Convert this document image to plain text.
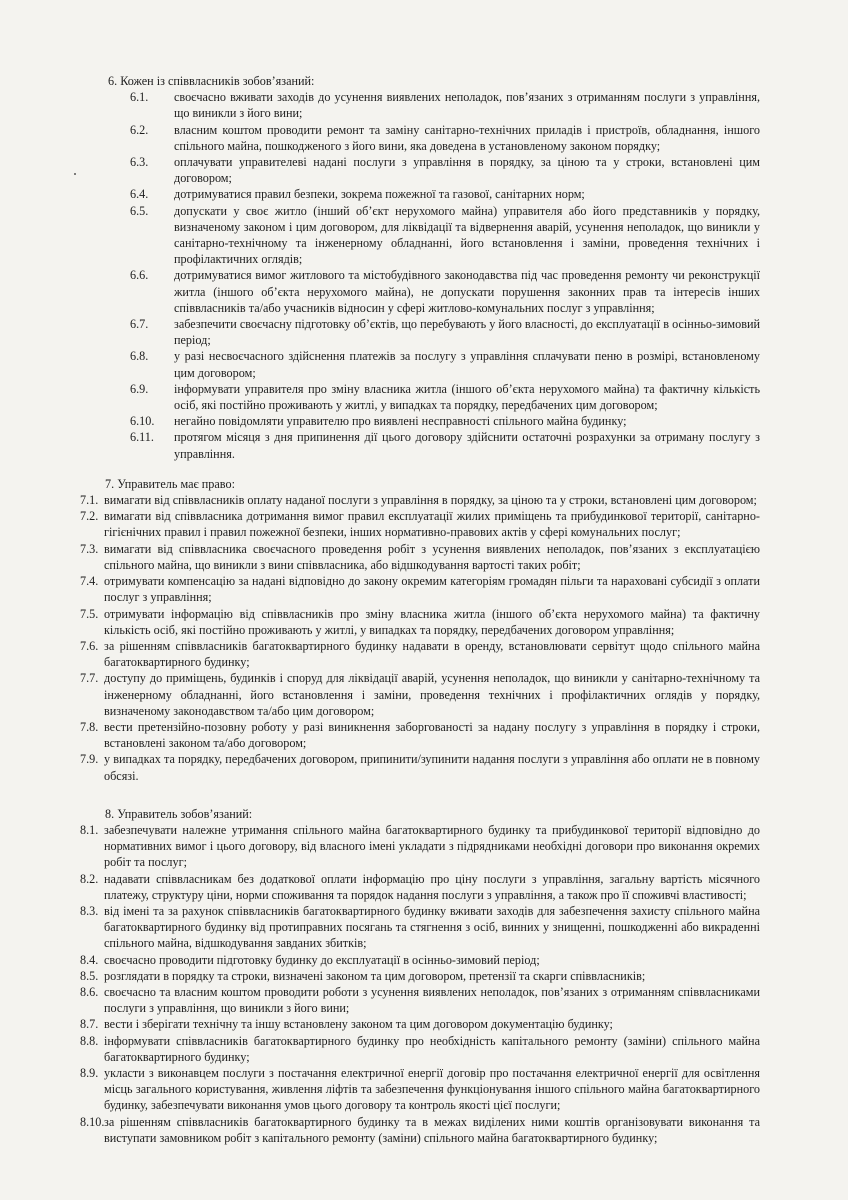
6. Кожен із співвласників зобов’язаний:

6.1.	своєчасно вживати заходів до усунення виявлених неполадок, пов’язаних з отриманням послуги з управління, що виникли з його вини;
6.2.	власним коштом проводити ремонт та заміну санітарно-технічних приладів і пристроїв, обладнання, іншого спільного майна, пошкодженого з його вини, яка доведена в установленому законом порядку;
6.3.	оплачувати управителеві надані послуги з управління в порядку, за ціною та у строки, встановлені цим договором;
6.4.	дотримуватися правил безпеки, зокрема пожежної та газової, санітарних норм;
6.5.	допускати у своє житло (інший об’єкт нерухомого майна) управителя або його представників у порядку, визначеному законом і цим договором, для ліквідації та відвернення аварій, усунення неполадок, що виникли у санітарно-технічному та інженерному обладнанні, його встановлення і заміни, проведення технічних і профілактичних оглядів;
6.6.	дотримуватися вимог житлового та містобудівного законодавства під час проведення ремонту чи реконструкції житла (іншого об’єкта нерухомого майна), не допускати порушення законних прав та інтересів інших співвласників та/або учасників відносин у сфері житлово-комунальних послуг з управління;
6.7.	забезпечити своєчасну підготовку об’єктів, що перебувають у його власності, до експлуатації в осінньо-зимовий період;
6.8.	у разі несвоєчасного здійснення платежів за послугу з управління сплачувати пеню в розмірі, встановленому цим договором;
6.9.	інформувати управителя про зміну власника житла (іншого об’єкта нерухомого майна) та фактичну кількість осіб, які постійно проживають у житлі, у випадках та порядку, передбачених цим договором;
6.10.	негайно повідомляти управителю про виявлені несправності спільного майна будинку;
6.11.	протягом місяця з дня припинення дії цього договору здійснити остаточні розрахунки за отриману послугу з управління.

7. Управитель має право:

7.1. вимагати від співвласників оплату наданої послуги з управління в порядку, за ціною та у строки, встановлені цим договором;
7.2. вимагати від співвласника дотримання вимог правил експлуатації жилих приміщень та прибудинкової території, санітарно-гігієнічних правил і правил пожежної безпеки, інших нормативно-правових актів у сфері комунальних послуг;
7.3. вимагати від співвласника своєчасного проведення робіт з усунення виявлених неполадок, пов’язаних з експлуатацією спільного майна, що виникли з вини співвласника, або відшкодування вартості таких робіт;
7.4. отримувати компенсацію за надані відповідно до закону окремим категоріям громадян пільги та нараховані субсидії з оплати послуг з управління;
7.5. отримувати інформацію від співвласників про зміну власника житла (іншого об’єкта нерухомого майна) та фактичну кількість осіб, які постійно проживають у житлі, у випадках та порядку, передбачених договором управління;
7.6. за рішенням співвласників багатоквартирного будинку надавати в оренду, встановлювати сервітут щодо спільного майна багатоквартирного будинку;
7.7. доступу до приміщень, будинків і споруд для ліквідації аварій, усунення неполадок, що виникли у санітарно-технічному та інженерному обладнанні, його встановлення і заміни, проведення технічних і профілактичних оглядів у порядку, визначеному законодавством та/або цим договором;
7.8. вести претензійно-позовну роботу у разі виникнення заборгованості за надану послугу з управління в порядку і строки, встановлені законом та/або договором;
7.9. у випадках та порядку, передбачених договором, припинити/зупинити надання послуги з управління або оплати не в повному обсязі.

8. Управитель зобов’язаний:

8.1. забезпечувати належне утримання спільного майна багатоквартирного будинку та прибудинкової території відповідно до нормативних вимог і цього договору, від власного імені укладати з підрядниками необхідні договори про виконання окремих робіт та послуг;
8.2. надавати співвласникам без додаткової оплати інформацію про ціну послуги з управління, загальну вартість місячного платежу, структуру ціни, норми споживання та порядок надання послуги з управління, а також про її споживчі властивості;
8.3. від імені та за рахунок співвласників багатоквартирного будинку вживати заходів для забезпечення захисту спільного майна багатоквартирного будинку від протиправних посягань та стягнення з осіб, винних у знищенні, пошкодженні або викраденні спільного майна, відшкодування завданих збитків;
8.4. своєчасно проводити підготовку будинку до експлуатації в осінньо-зимовий період;
8.5. розглядати в порядку та строки, визначені законом та цим договором, претензії та скарги співвласників;
8.6. своєчасно та власним коштом проводити роботи з усунення виявлених неполадок, пов’язаних з отриманням співвласниками послуги з управління, що виникли з його вини;
8.7. вести і зберігати технічну та іншу встановлену законом та цим договором документацію будинку;
8.8. інформувати співвласників багатоквартирного будинку про необхідність капітального ремонту (заміни) спільного майна багатоквартирного будинку;
8.9. укласти з виконавцем послуги з постачання електричної енергії договір про постачання електричної енергії для освітлення місць загального користування, живлення ліфтів та забезпечення функціонування іншого спільного майна багатоквартирного будинку, забезпечувати виконання умов цього договору та контроль якості цієї послуги;
8.10. за рішенням співвласників багатоквартирного будинку та в межах виділених ними коштів організовувати виконання та виступати замовником робіт з капітального ремонту (заміни) спільного майна багатоквартирного будинку;
